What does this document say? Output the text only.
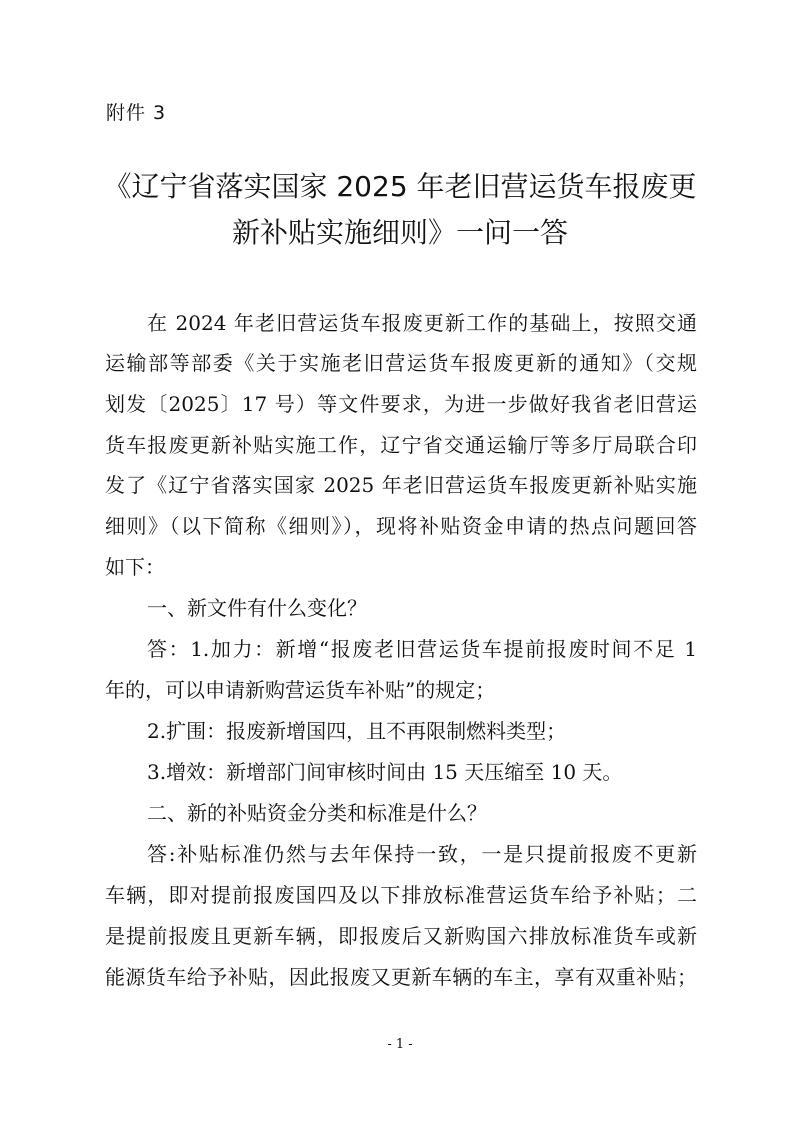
附件 3
《辽宁省落实国家 2025 年老旧营运货车报废更
新补贴实施细则》一问一答
在 2024 年老旧营运货车报废更新工作的基础上，按照交通
运输部等部委《关于实施老旧营运货车报废更新的通知》（交规
划发〔2025〕17 号）等文件要求，为进一步做好我省老旧营运
货车报废更新补贴实施工作，辽宁省交通运输厅等多厅局联合印
发了《辽宁省落实国家 2025 年老旧营运货车报废更新补贴实施
细则》（以下简称《细则》），现将补贴资金申请的热点问题回答
如下：
一、新文件有什么变化？
答：1.加力：新增“报废老旧营运货车提前报废时间不足 1
年的，可以申请新购营运货车补贴”的规定；
2.扩围：报废新增国四，且不再限制燃料类型；
3.增效：新增部门间审核时间由 15 天压缩至 10 天。
二、新的补贴资金分类和标准是什么？
答:补贴标准仍然与去年保持一致，一是只提前报废不更新
车辆，即对提前报废国四及以下排放标准营运货车给予补贴；二
是提前报废且更新车辆，即报废后又新购国六排放标准货车或新
能源货车给予补贴，因此报废又更新车辆的车主，享有双重补贴；
- 1 -
